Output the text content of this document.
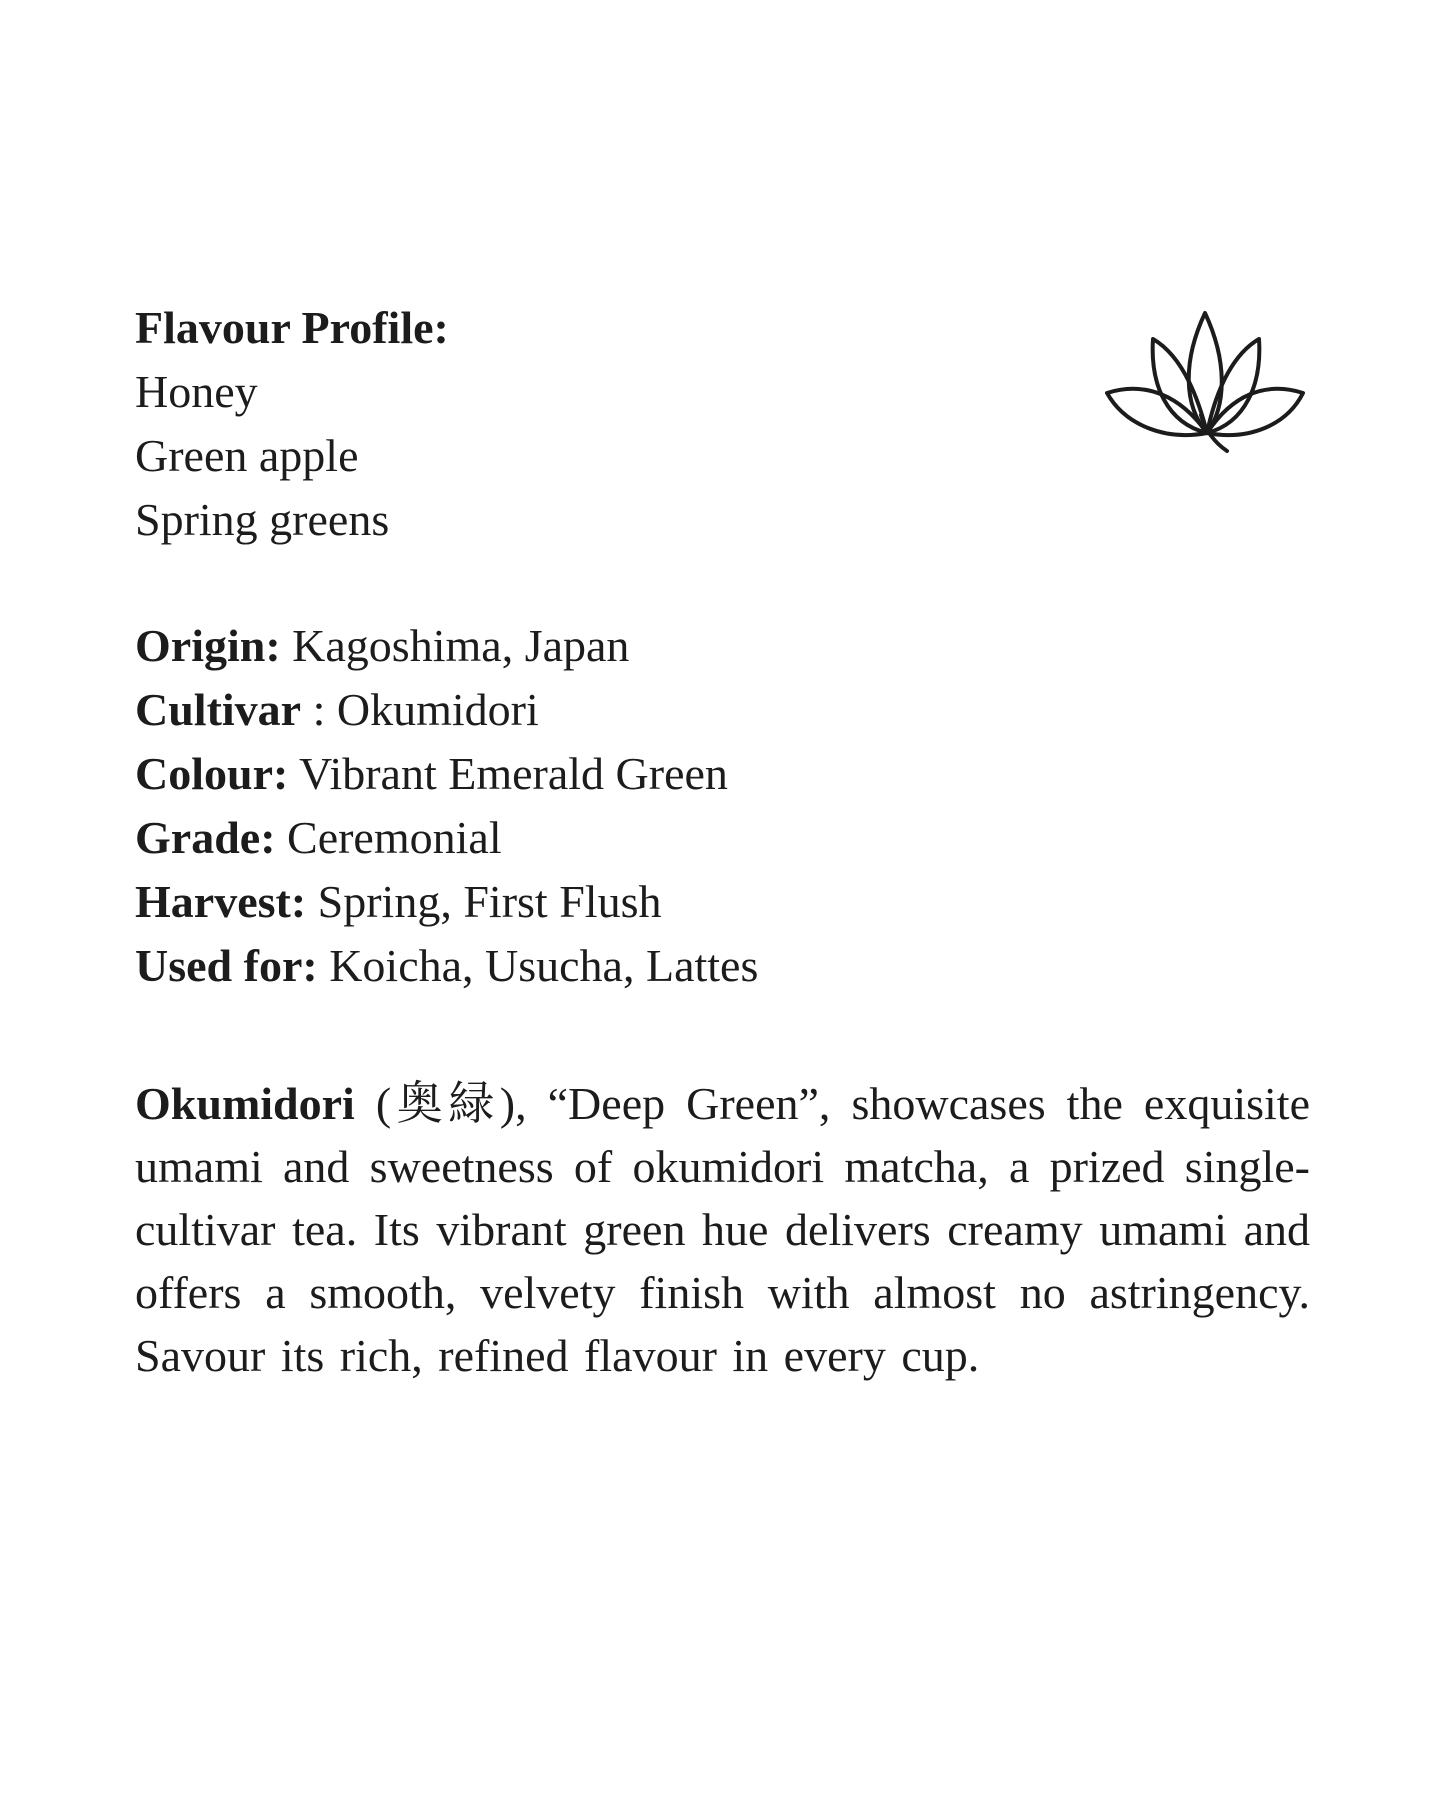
Flavour Profile:
Honey
Green apple
Spring greens
Origin: Kagoshima, Japan
Cultivar : Okumidori
Colour: Vibrant Emerald Green
Grade: Ceremonial
Harvest: Spring, First Flush
Used for: Koicha, Usucha, Lattes

Okumidori (奥緑), “Deep Green”, showcases the exquisite umami and sweetness of okumidori matcha, a prized single-cultivar tea. Its vibrant green hue delivers creamy umami and offers a smooth, velvety finish with almost no astringency. Savour its rich, refined flavour in every cup.
